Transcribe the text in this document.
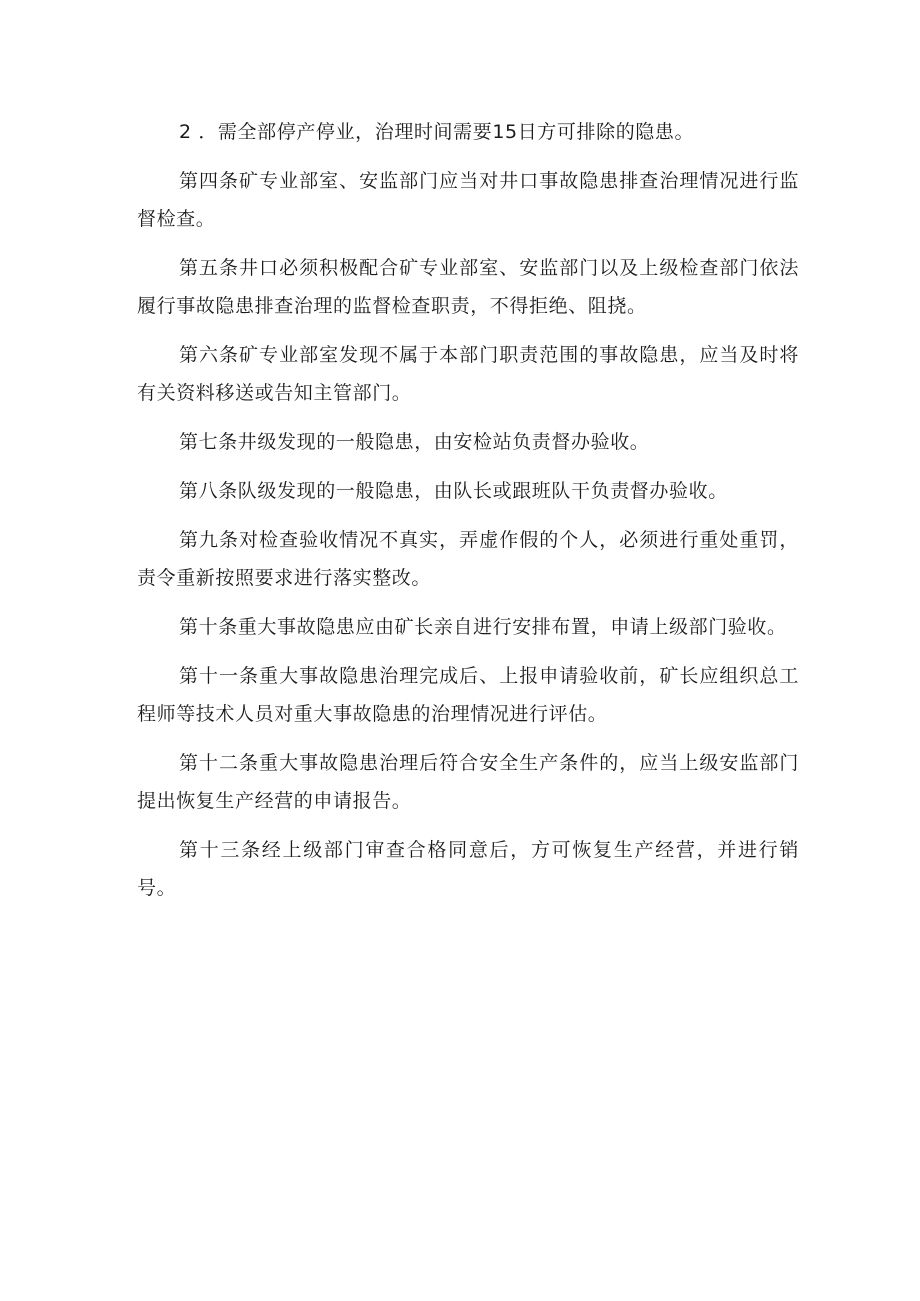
2 ．需全部停产停业，治理时间需要15日方可排除的隐患。

第四条矿专业部室、安监部门应当对井口事故隐患排查治理情况进行监督检查。

第五条井口必须积极配合矿专业部室、安监部门以及上级检查部门依法履行事故隐患排查治理的监督检查职责，不得拒绝、阻挠。

第六条矿专业部室发现不属于本部门职责范围的事故隐患，应当及时将有关资料移送或告知主管部门。

第七条井级发现的一般隐患，由安检站负责督办验收。

第八条队级发现的一般隐患，由队长或跟班队干负责督办验收。

第九条对检查验收情况不真实，弄虚作假的个人，必须进行重处重罚，责令重新按照要求进行落实整改。

第十条重大事故隐患应由矿长亲自进行安排布置，申请上级部门验收。

第十一条重大事故隐患治理完成后、上报申请验收前，矿长应组织总工程师等技术人员对重大事故隐患的治理情况进行评估。

第十二条重大事故隐患治理后符合安全生产条件的，应当上级安监部门提出恢复生产经营的申请报告。

第十三条经上级部门审查合格同意后，方可恢复生产经营，并进行销号。
